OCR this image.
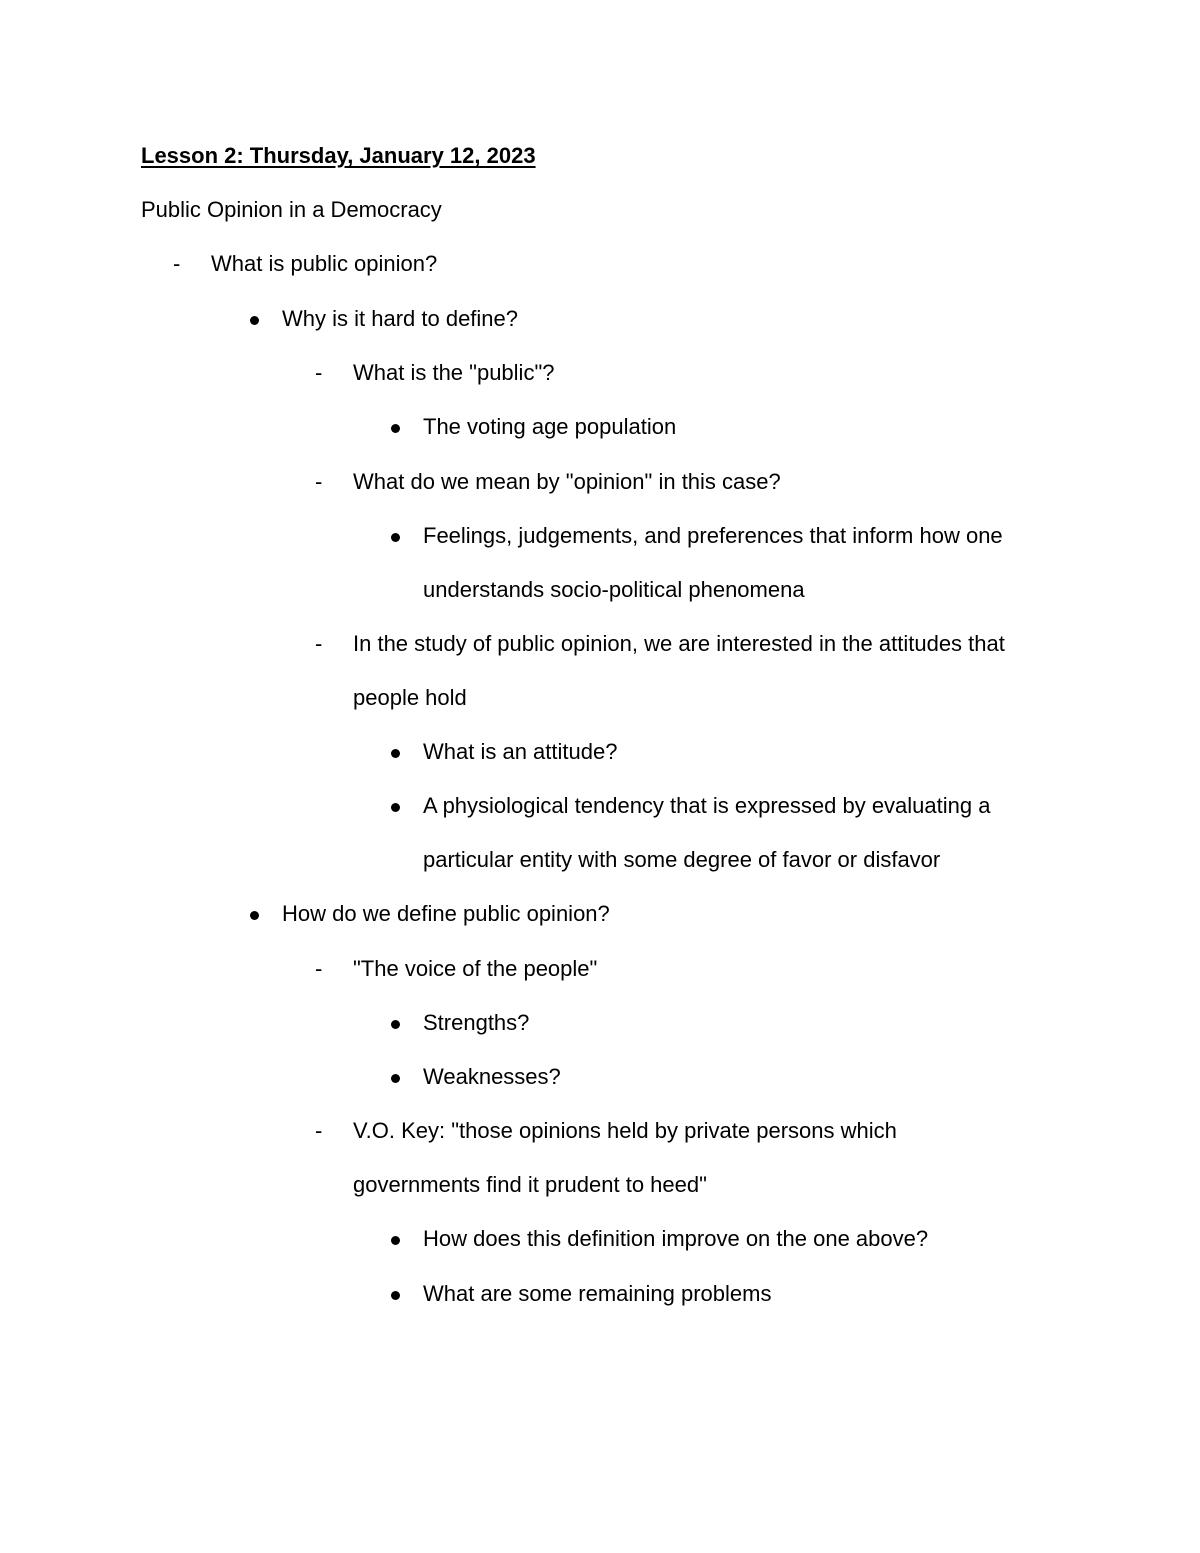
Lesson 2: Thursday, January 12, 2023
Public Opinion in a Democracy
- What is public opinion?
Why is it hard to define?
- What is the "public"?
The voting age population
- What do we mean by "opinion" in this case?
Feelings, judgements, and preferences that inform how one
understands socio-political phenomena
- In the study of public opinion, we are interested in the attitudes that
people hold
What is an attitude?
A physiological tendency that is expressed by evaluating a
particular entity with some degree of favor or disfavor
How do we define public opinion?
- "The voice of the people"
Strengths?
Weaknesses?
- V.O. Key: "those opinions held by private persons which
governments find it prudent to heed"
How does this definition improve on the one above?
What are some remaining problems
